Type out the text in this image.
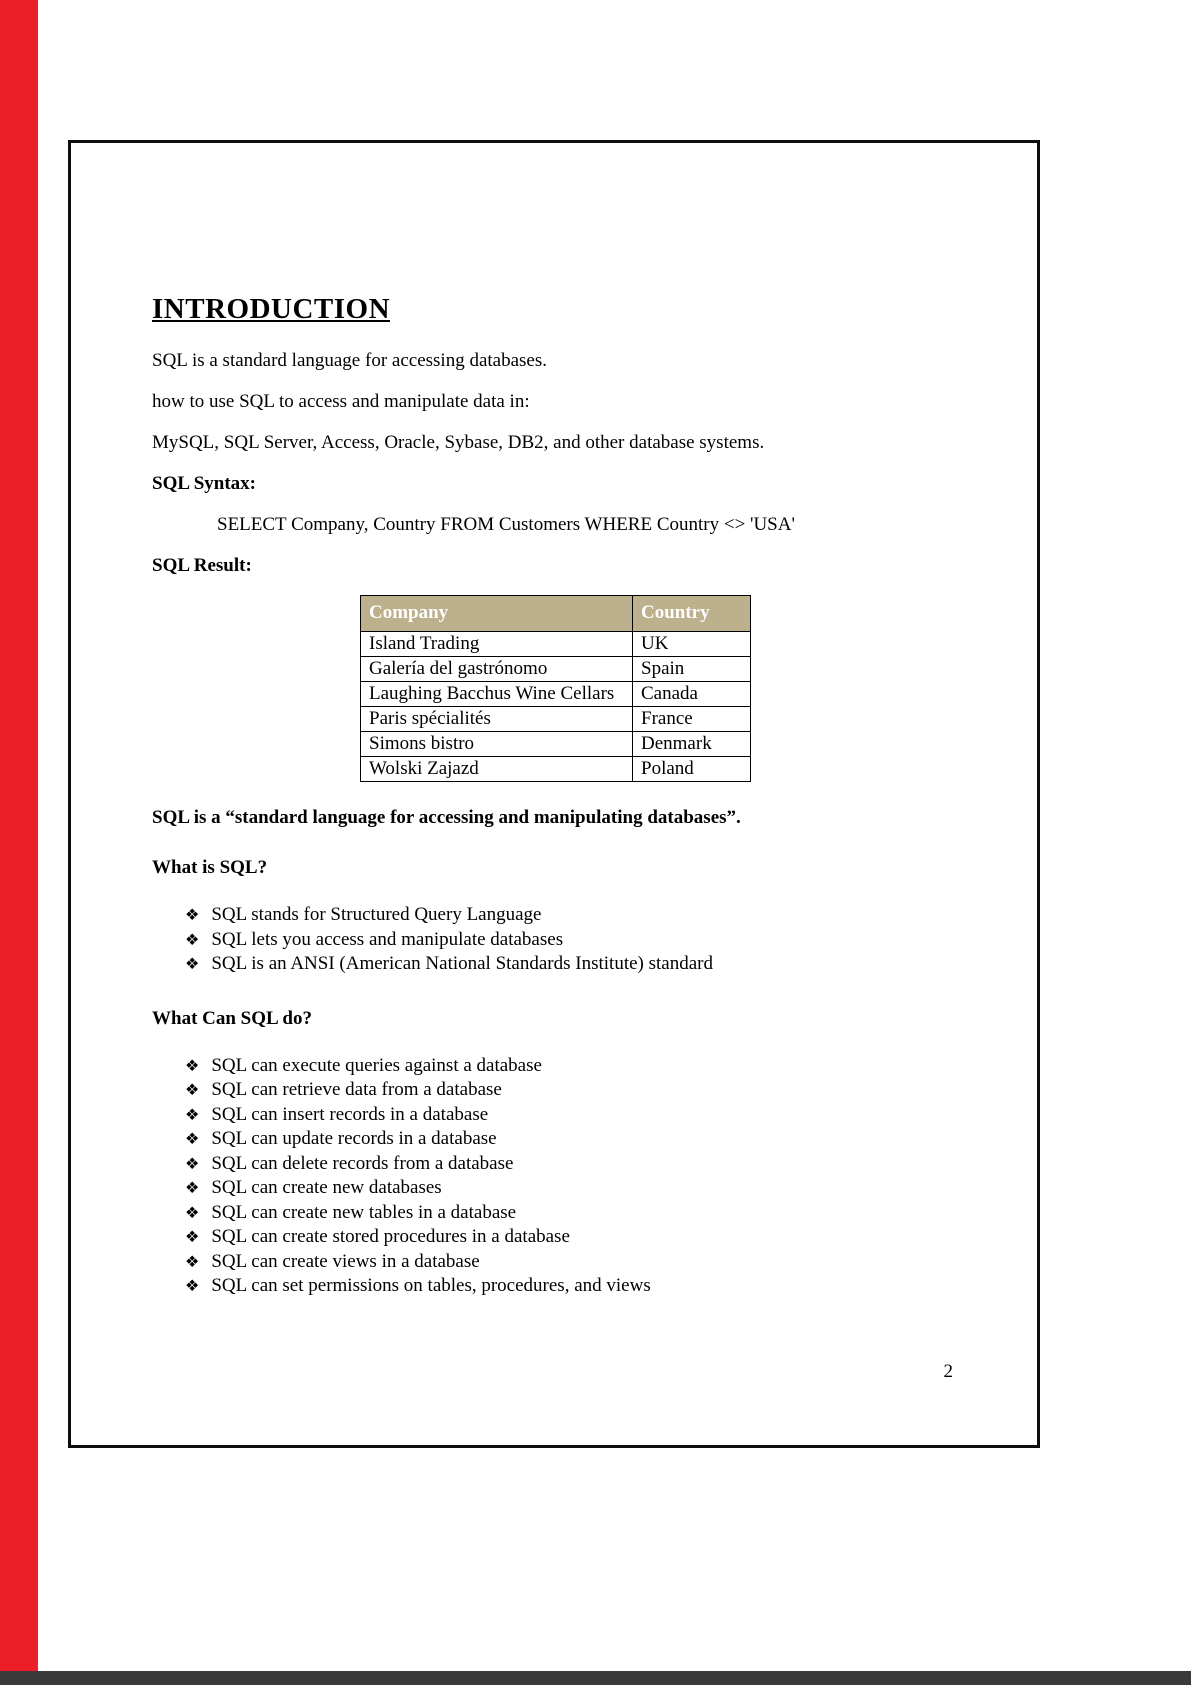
INTRODUCTION

SQL is a standard language for accessing databases.

how to use SQL to access and manipulate data in:

MySQL, SQL Server, Access, Oracle, Sybase, DB2, and other database systems.

SQL Syntax:

SELECT Company, Country FROM Customers WHERE Country <> 'USA'

SQL Result:

Company	Country
Island Trading	UK
Galería del gastrónomo	Spain
Laughing Bacchus Wine Cellars	Canada
Paris spécialités	France
Simons bistro	Denmark
Wolski Zajazd	Poland

SQL is a “standard language for accessing and manipulating databases”.

What is SQL?
❖ SQL stands for Structured Query Language
❖ SQL lets you access and manipulate databases
❖ SQL is an ANSI (American National Standards Institute) standard
What Can SQL do?
❖ SQL can execute queries against a database
❖ SQL can retrieve data from a database
❖ SQL can insert records in a database
❖ SQL can update records in a database
❖ SQL can delete records from a database
❖ SQL can create new databases
❖ SQL can create new tables in a database
❖ SQL can create stored procedures in a database
❖ SQL can create views in a database
❖ SQL can set permissions on tables, procedures, and views
2
